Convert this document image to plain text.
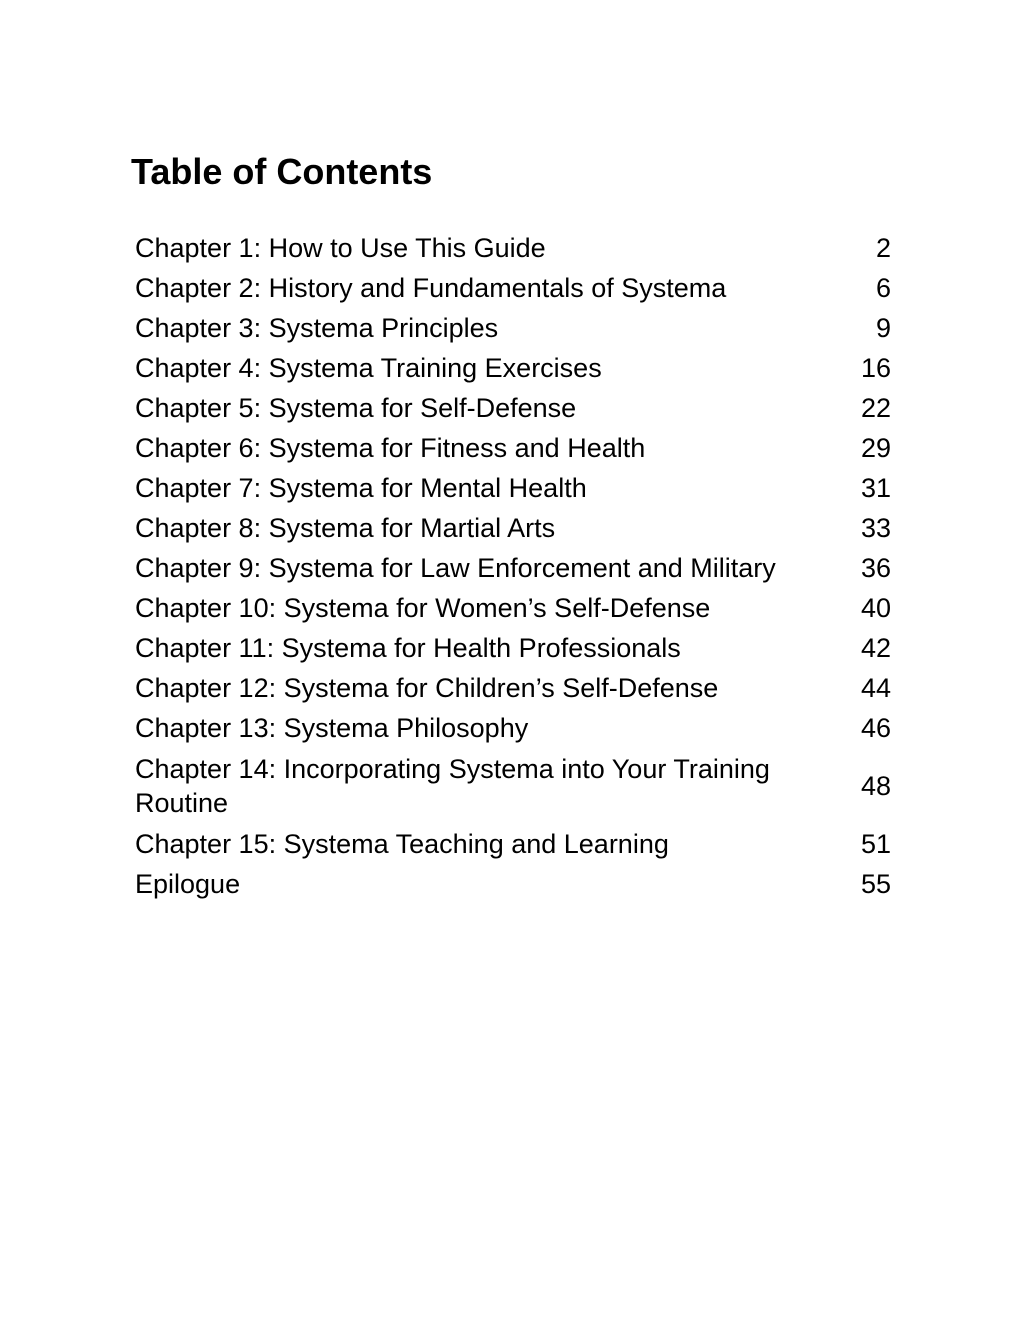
Table of Contents
Chapter 1: How to Use This Guide	2
Chapter 2: History and Fundamentals of Systema	6
Chapter 3: Systema Principles	9
Chapter 4: Systema Training Exercises	16
Chapter 5: Systema for Self-Defense	22
Chapter 6: Systema for Fitness and Health	29
Chapter 7: Systema for Mental Health	31
Chapter 8: Systema for Martial Arts	33
Chapter 9: Systema for Law Enforcement and Military	36
Chapter 10: Systema for Women’s Self-Defense	40
Chapter 11: Systema for Health Professionals	42
Chapter 12: Systema for Children’s Self-Defense	44
Chapter 13: Systema Philosophy	46
Chapter 14: Incorporating Systema into Your Training Routine	48
Chapter 15: Systema Teaching and Learning	51
Epilogue	55
